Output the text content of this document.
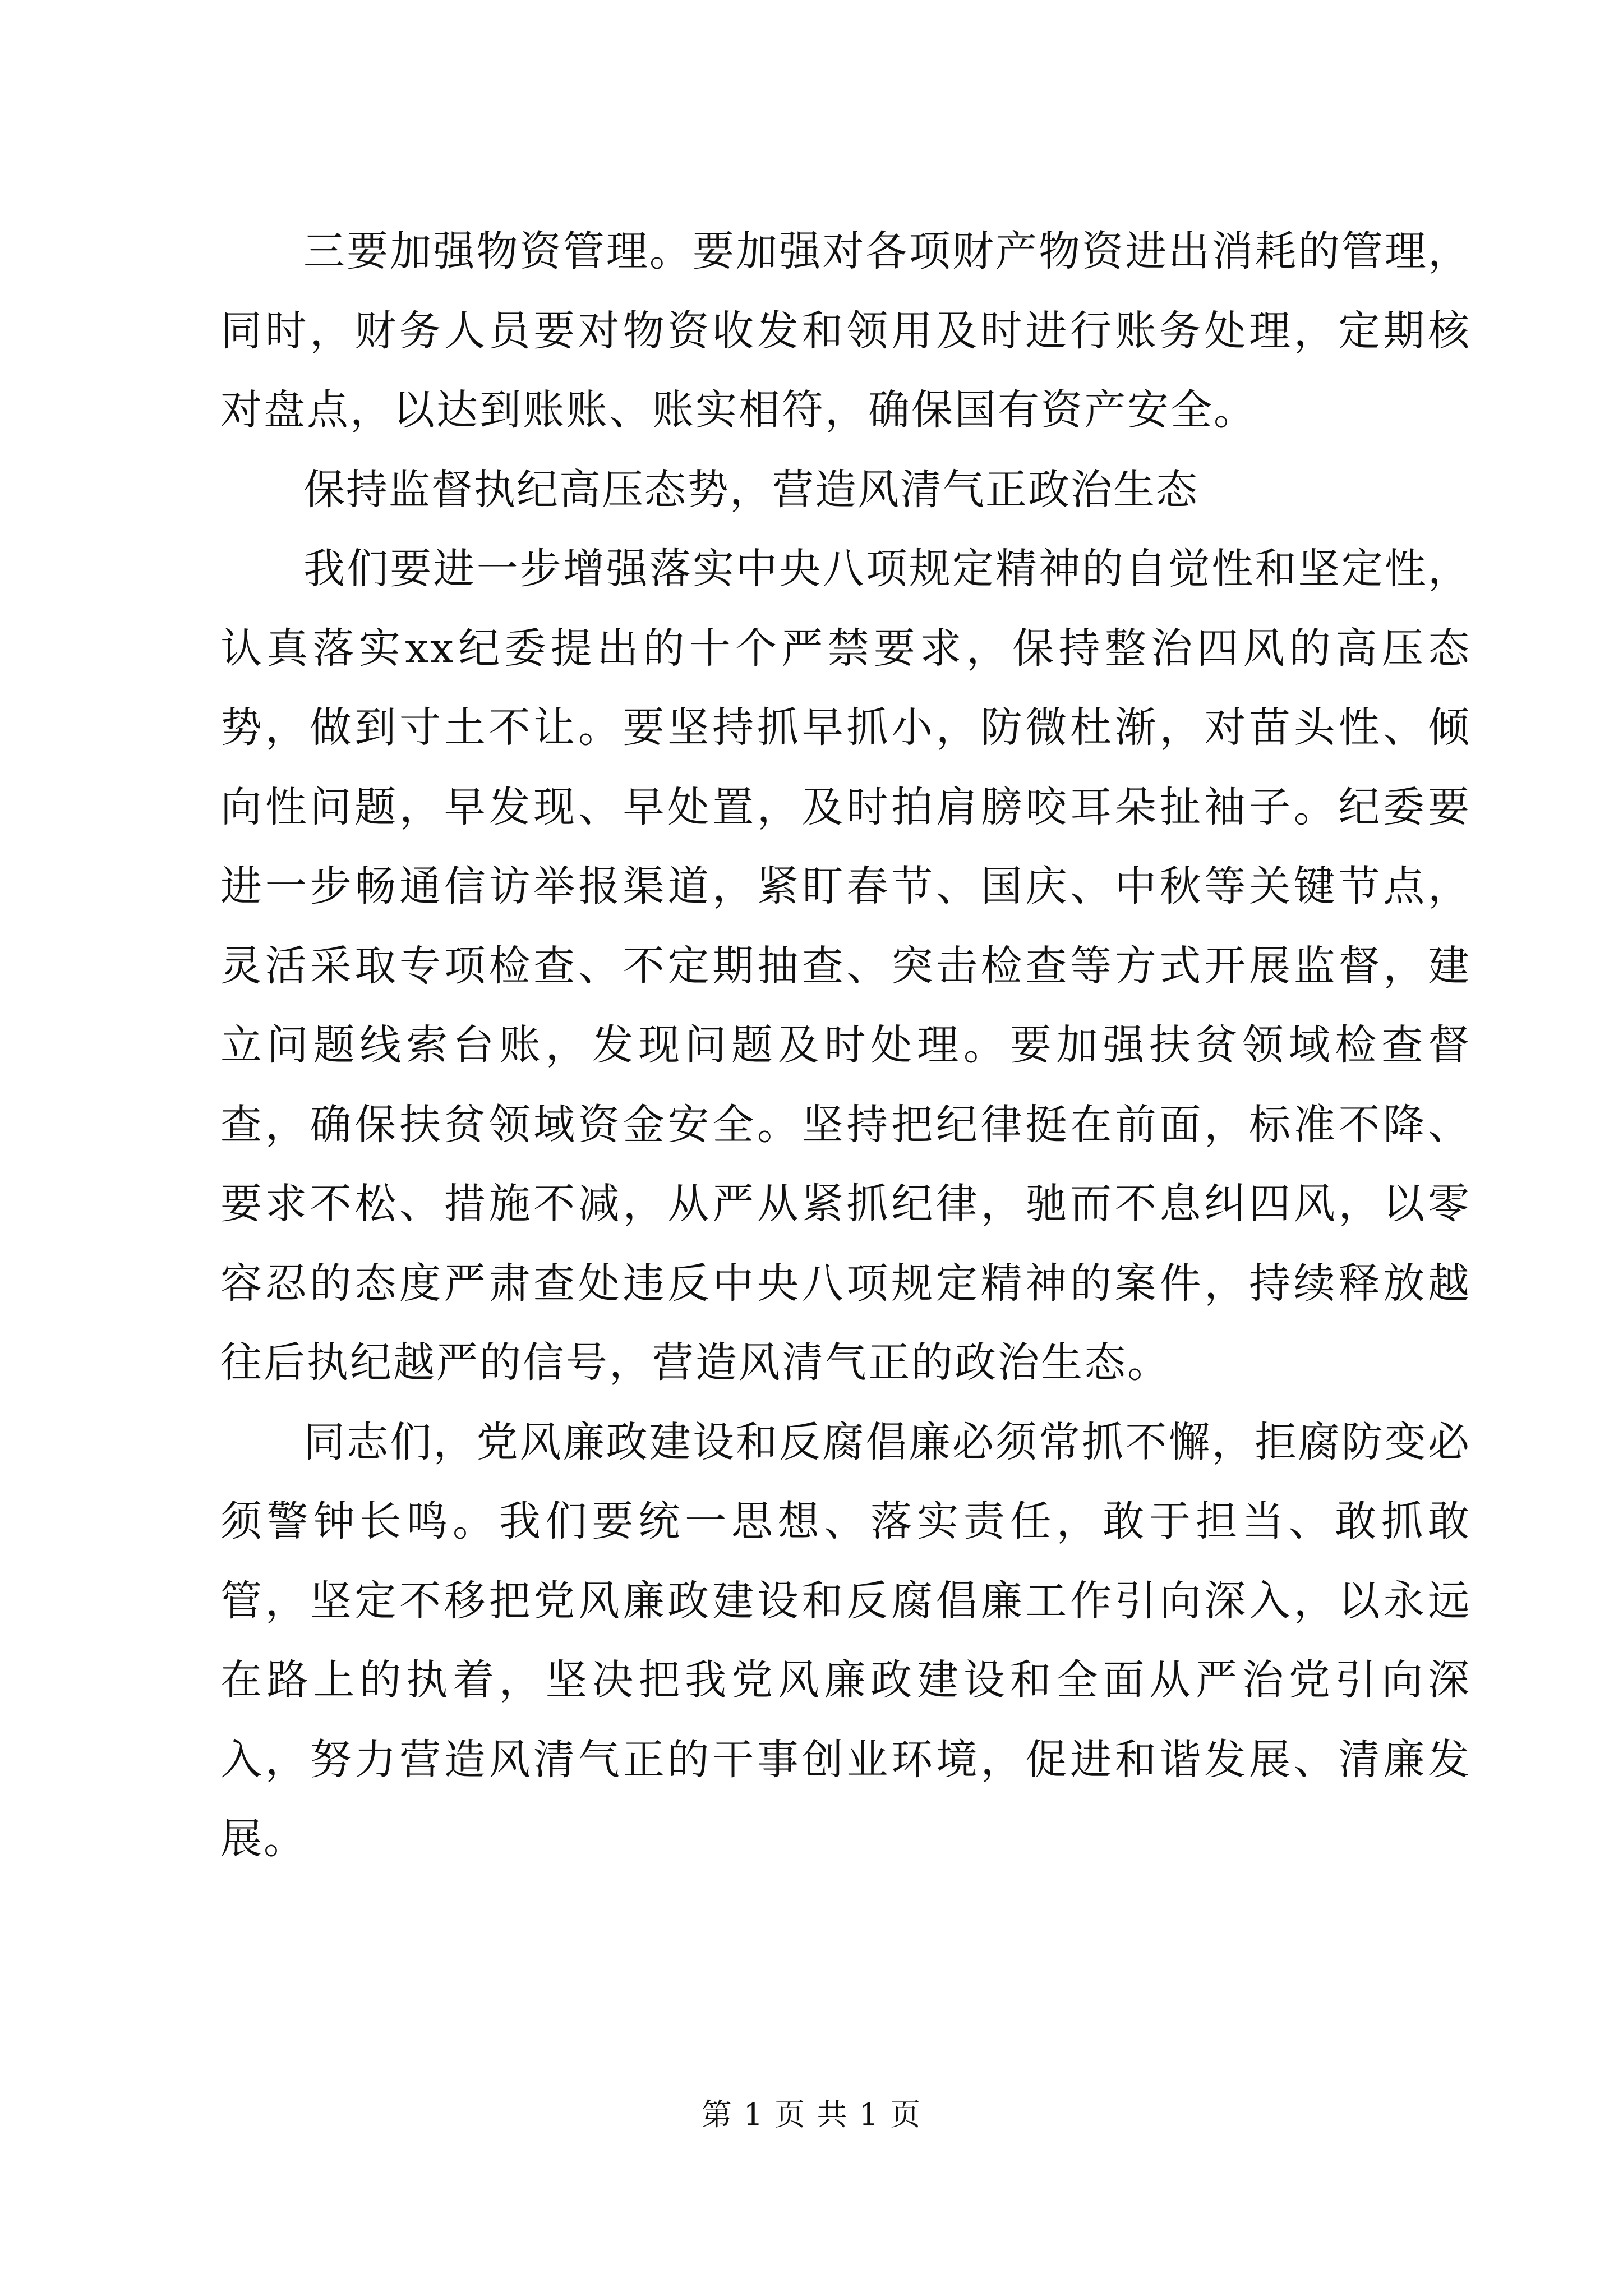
三要加强物资管理。要加强对各项财产物资进出消耗的管理，同时，财务人员要对物资收发和领用及时进行账务处理，定期核对盘点，以达到账账、账实相符，确保国有资产安全。

保持监督执纪高压态势，营造风清气正政治生态

我们要进一步增强落实中央八项规定精神的自觉性和坚定性，认真落实xx纪委提出的十个严禁要求，保持整治四风的高压态势，做到寸土不让。要坚持抓早抓小，防微杜渐，对苗头性、倾向性问题，早发现、早处置，及时拍肩膀咬耳朵扯袖子。纪委要进一步畅通信访举报渠道，紧盯春节、国庆、中秋等关键节点，灵活采取专项检查、不定期抽查、突击检查等方式开展监督，建立问题线索台账，发现问题及时处理。要加强扶贫领域检查督查，确保扶贫领域资金安全。坚持把纪律挺在前面，标准不降、要求不松、措施不减，从严从紧抓纪律，驰而不息纠四风，以零容忍的态度严肃查处违反中央八项规定精神的案件，持续释放越往后执纪越严的信号，营造风清气正的政治生态。

同志们，党风廉政建设和反腐倡廉必须常抓不懈，拒腐防变必须警钟长鸣。我们要统一思想、落实责任，敢于担当、敢抓敢管，坚定不移把党风廉政建设和反腐倡廉工作引向深入，以永远在路上的执着，坚决把我党风廉政建设和全面从严治党引向深入，努力营造风清气正的干事创业环境，促进和谐发展、清廉发展。

第 1 页 共 1 页
